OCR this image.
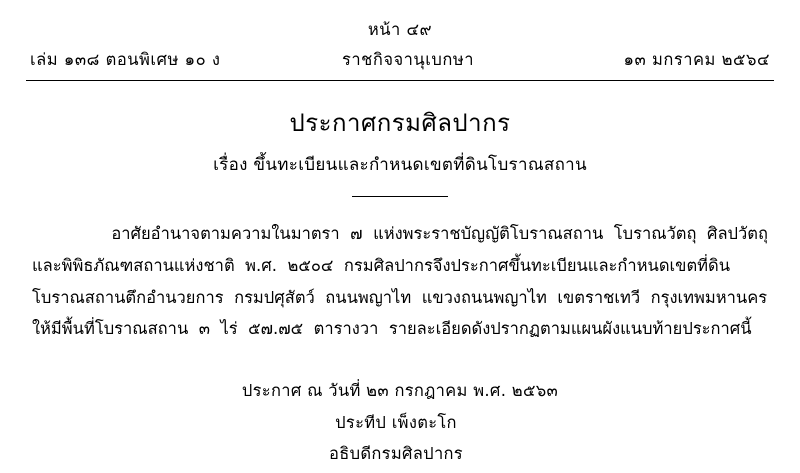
หน้า ๔๙
เล่ม ๑๓๘ ตอนพิเศษ ๑๐ ง	ราชกิจจานุเบกษา	๑๓ มกราคม ๒๕๖๔
ประกาศกรมศิลปากร
เรื่อง ขึ้นทะเบียนและกำหนดเขตที่ดินโบราณสถาน
อาศัยอำนาจตามความในมาตรา  ๗  แห่งพระราชบัญญัติโบราณสถาน  โบราณวัตถุ  ศิลปวัตถุ
และพิพิธภัณฑสถานแห่งชาติ  พ.ศ.  ๒๕๐๔  กรมศิลปากรจึงประกาศขึ้นทะเบียนและกำหนดเขตที่ดิน
โบราณสถานตึกอำนวยการ  กรมปศุสัตว์  ถนนพญาไท  แขวงถนนพญาไท  เขตราชเทวี  กรุงเทพมหานคร
ให้มีพื้นที่โบราณสถาน  ๓  ไร่  ๕๗.๗๕  ตารางวา  รายละเอียดดังปรากฏตามแผนผังแนบท้ายประกาศนี้
ประกาศ ณ วันที่ ๒๓ กรกฎาคม พ.ศ. ๒๕๖๓
ประทีป เพ็งตะโก
อธิบดีกรมศิลปากร
